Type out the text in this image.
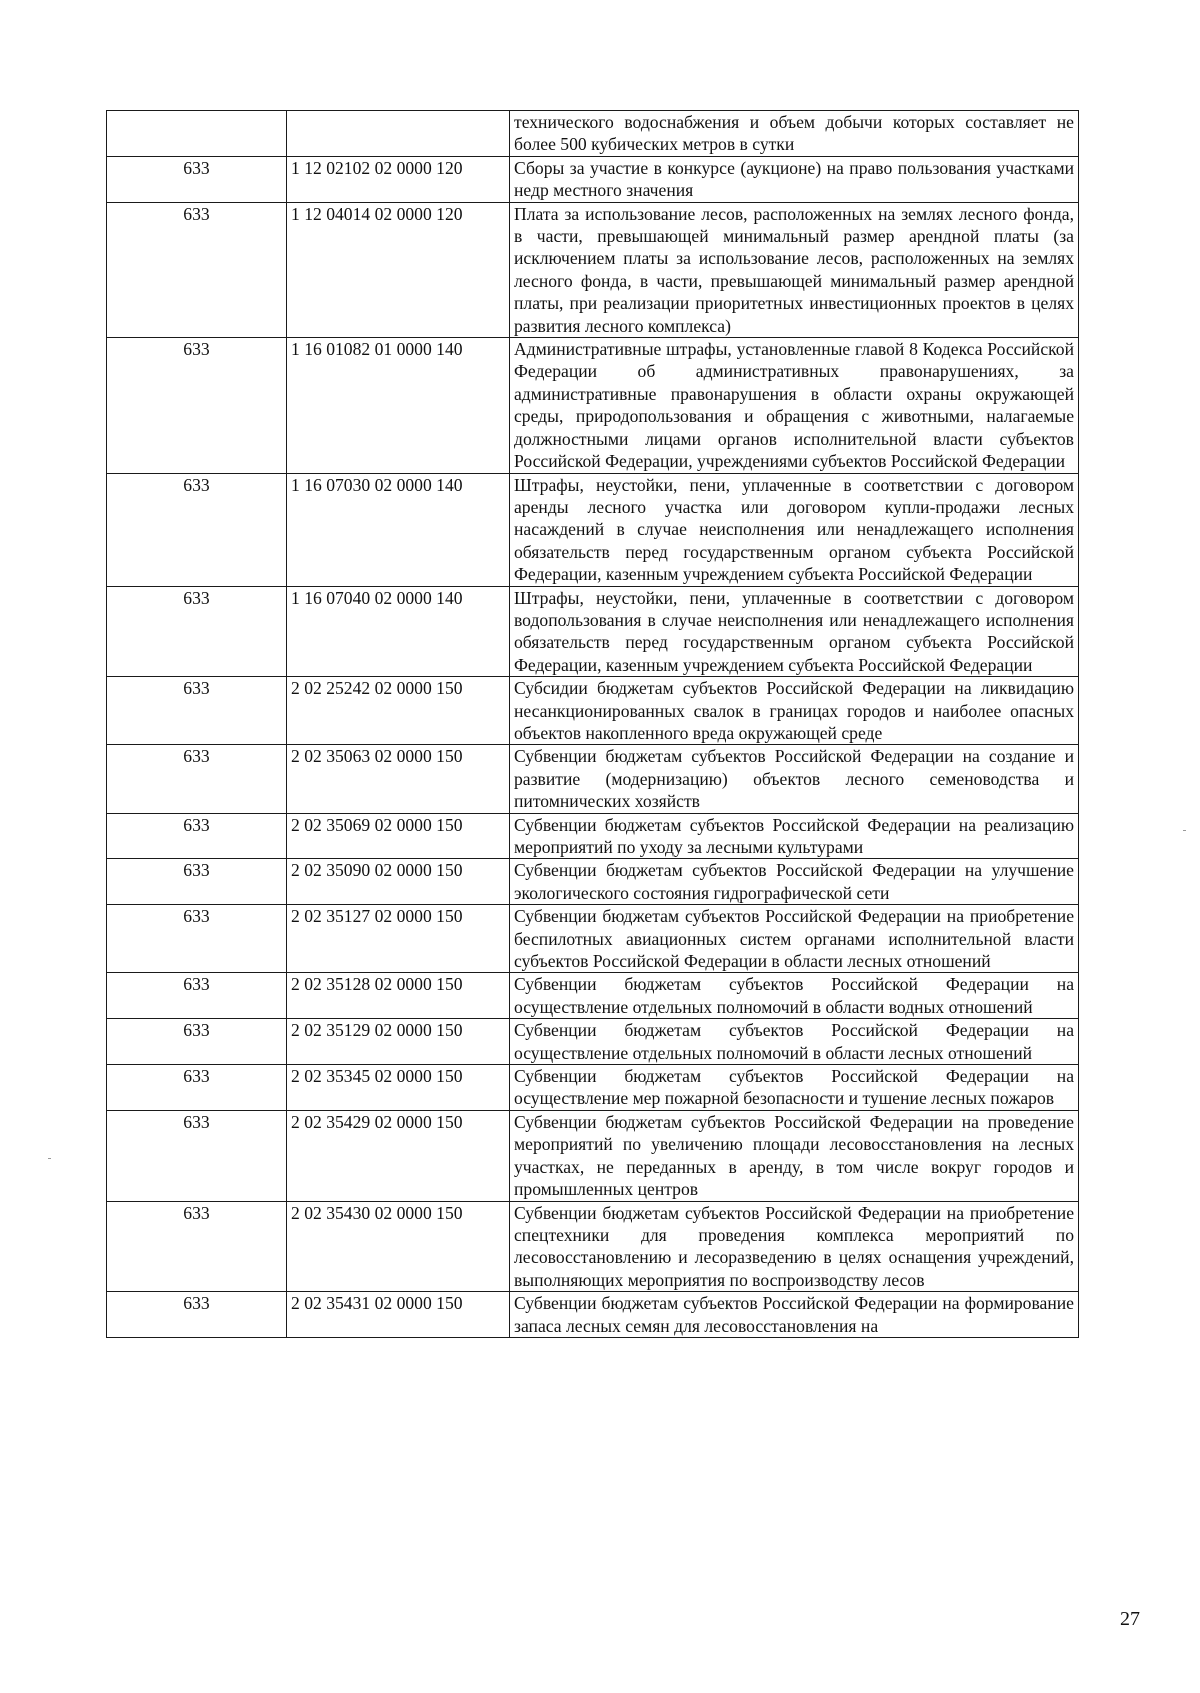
		технического водоснабжения и объем добычи которых составляет не более 500 кубических метров в сутки
633	1 12 02102 02 0000 120	Сборы за участие в конкурсе (аукционе) на право пользования участками недр местного значения
633	1 12 04014 02 0000 120	Плата за использование лесов, расположенных на землях лесного фонда, в части, превышающей минимальный размер арендной платы (за исключением платы за использование лесов, расположенных на землях лесного фонда, в части, превышающей минимальный размер арендной платы, при реализации приоритетных инвестиционных проектов в целях развития лесного комплекса)
633	1 16 01082 01 0000 140	Административные штрафы, установленные главой 8 Кодекса Российской Федерации об административных правонарушениях, за административные правонарушения в области охраны окружающей среды, природопользования и обращения с животными, налагаемые должностными лицами органов исполнительной власти субъектов Российской Федерации, учреждениями субъектов Российской Федерации
633	1 16 07030 02 0000 140	Штрафы, неустойки, пени, уплаченные в соответствии с договором аренды лесного участка или договором купли-продажи лесных насаждений в случае неисполнения или ненадлежащего исполнения обязательств перед государственным органом субъекта Российской Федерации, казенным учреждением субъекта Российской Федерации
633	1 16 07040 02 0000 140	Штрафы, неустойки, пени, уплаченные в соответствии с договором водопользования в случае неисполнения или ненадлежащего исполнения обязательств перед государственным органом субъекта Российской Федерации, казенным учреждением субъекта Российской Федерации
633	2 02 25242 02 0000 150	Субсидии бюджетам субъектов Российской Федерации на ликвидацию несанкционированных свалок в границах городов и наиболее опасных объектов накопленного вреда окружающей среде
633	2 02 35063 02 0000 150	Субвенции бюджетам субъектов Российской Федерации на создание и развитие (модернизацию) объектов лесного семеноводства и питомнических хозяйств
633	2 02 35069 02 0000 150	Субвенции бюджетам субъектов Российской Федерации на реализацию мероприятий по уходу за лесными культурами
633	2 02 35090 02 0000 150	Субвенции бюджетам субъектов Российской Федерации на улучшение экологического состояния гидрографической сети
633	2 02 35127 02 0000 150	Субвенции бюджетам субъектов Российской Федерации на приобретение беспилотных авиационных систем органами исполнительной власти субъектов Российской Федерации в области лесных отношений
633	2 02 35128 02 0000 150	Субвенции бюджетам субъектов Российской Федерации на осуществление отдельных полномочий в области водных отношений
633	2 02 35129 02 0000 150	Субвенции бюджетам субъектов Российской Федерации на осуществление отдельных полномочий в области лесных отношений
633	2 02 35345 02 0000 150	Субвенции бюджетам субъектов Российской Федерации на осуществление мер пожарной безопасности и тушение лесных пожаров
633	2 02 35429 02 0000 150	Субвенции бюджетам субъектов Российской Федерации на проведение мероприятий по увеличению площади лесовосстановления на лесных участках, не переданных в аренду, в том числе вокруг городов и промышленных центров
633	2 02 35430 02 0000 150	Субвенции бюджетам субъектов Российской Федерации на приобретение спецтехники для проведения комплекса мероприятий по лесовосстановлению и лесоразведению в целях оснащения учреждений, выполняющих мероприятия по воспроизводству лесов
633	2 02 35431 02 0000 150	Субвенции бюджетам субъектов Российской Федерации на формирование запаса лесных семян для лесовосстановления на
27
